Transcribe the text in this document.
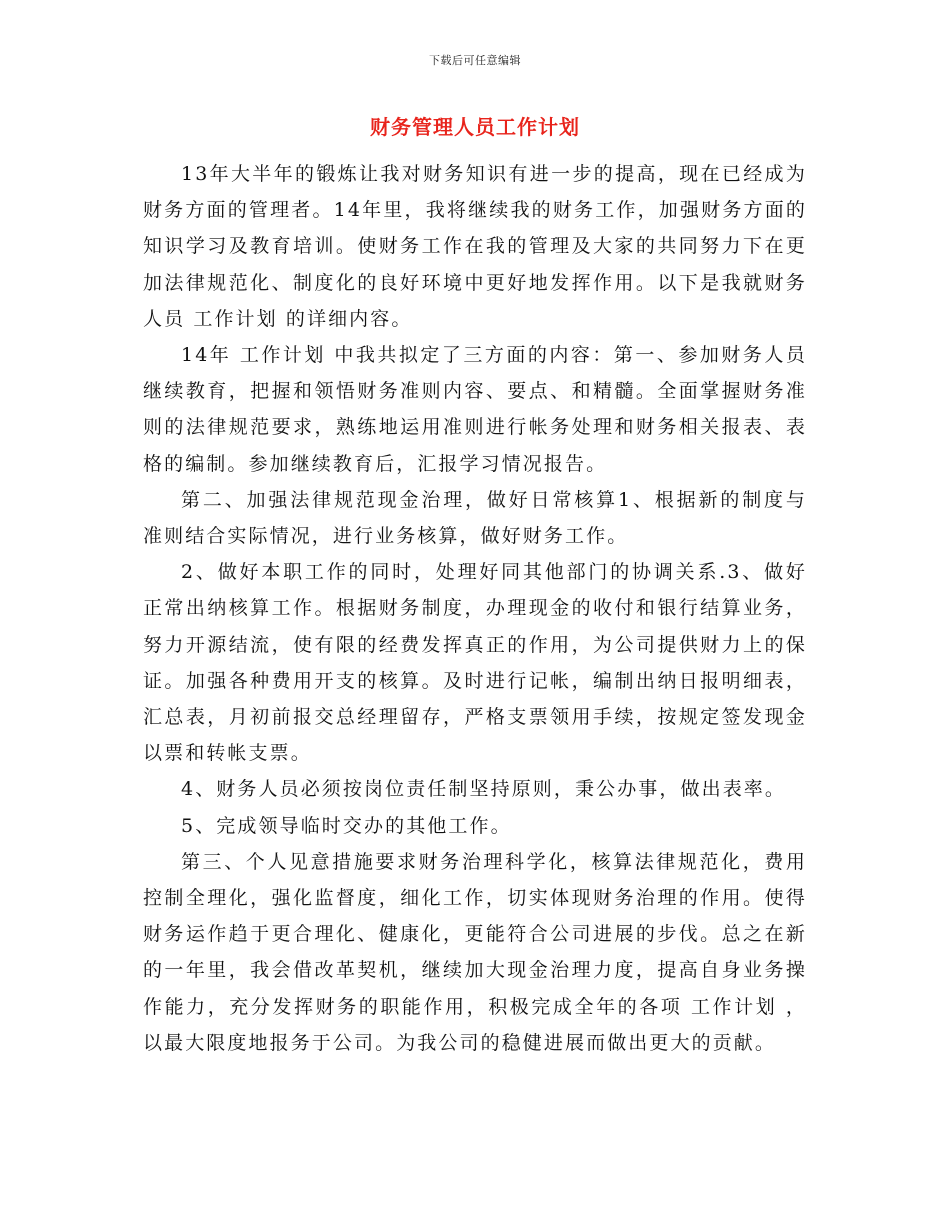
下载后可任意编辑
财务管理人员工作计划

13年大半年的锻炼让我对财务知识有进一步的提高，现在已经成为财务方面的管理者。14年里，我将继续我的财务工作，加强财务方面的知识学习及教育培训。使财务工作在我的管理及大家的共同努力下在更加法律规范化、制度化的良好环境中更好地发挥作用。以下是我就财务人员 工作计划 的详细内容。

14年 工作计划 中我共拟定了三方面的内容：第一、参加财务人员继续教育，把握和领悟财务准则内容、要点、和精髓。全面掌握财务准则的法律规范要求，熟练地运用准则进行帐务处理和财务相关报表、表格的编制。参加继续教育后，汇报学习情况报告。

第二、加强法律规范现金治理，做好日常核算1、根据新的制度与准则结合实际情况，进行业务核算，做好财务工作。

2、做好本职工作的同时，处理好同其他部门的协调关系.3、做好正常出纳核算工作。根据财务制度，办理现金的收付和银行结算业务，努力开源结流，使有限的经费发挥真正的作用，为公司提供财力上的保证。加强各种费用开支的核算。及时进行记帐，编制出纳日报明细表，汇总表，月初前报交总经理留存，严格支票领用手续，按规定签发现金以票和转帐支票。

4、财务人员必须按岗位责任制坚持原则，秉公办事，做出表率。

5、完成领导临时交办的其他工作。

第三、个人见意措施要求财务治理科学化，核算法律规范化，费用控制全理化，强化监督度，细化工作，切实体现财务治理的作用。使得财务运作趋于更合理化、健康化，更能符合公司进展的步伐。总之在新的一年里，我会借改革契机，继续加大现金治理力度，提高自身业务操作能力，充分发挥财务的职能作用，积极完成全年的各项 工作计划 ，以最大限度地报务于公司。为我公司的稳健进展而做出更大的贡献。
